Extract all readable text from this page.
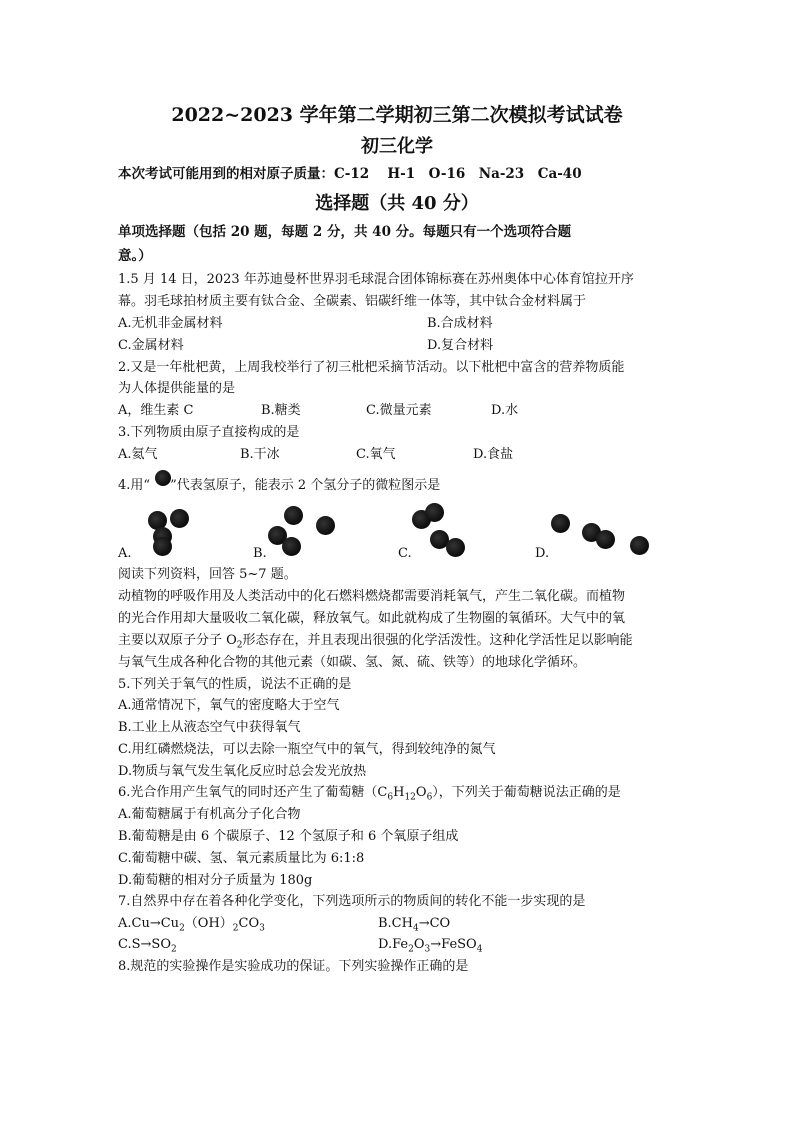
2022~2023 学年第二学期初三第二次模拟考试试卷
初三化学
本次考试可能用到的相对原子质量：C-12　 H-1　O-16　Na-23　Ca-40
选择题（共 40 分）
单项选择题（包括 20 题，每题 2 分，共 40 分。每题只有一个选项符合题
意。）
1.5 月 14 日，2023 年苏迪曼杯世界羽毛球混合团体锦标赛在苏州奥体中心体育馆拉开序
幕。羽毛球拍材质主要有钛合金、全碳素、铝碳纤维一体等，其中钛合金材料属于
A.无机非金属材料	B.合成材料
C.金属材料	D.复合材料
2.又是一年枇杷黄，上周我校举行了初三枇杷采摘节活动。以下枇杷中富含的营养物质能
为人体提供能量的是
A，维生素 C	B.糖类	C.微量元素	D.水
3.下列物质由原子直接构成的是
A.氦气	B.干冰	C.氧气	D.食盐
4.用“ ”代表氢原子，能表示 2 个氢分子的微粒图示是
A.	B.	C.	D.
阅读下列资料，回答 5~7 题。
动植物的呼吸作用及人类活动中的化石燃料燃烧都需要消耗氧气，产生二氧化碳。而植物
的光合作用却大量吸收二氧化碳，释放氧气。如此就构成了生物圈的氧循环。大气中的氧
主要以双原子分子 $O_2$形态存在，并且表现出很强的化学活泼性。这种化学活性足以影响能
与氧气生成各种化合物的其他元素（如碳、氢、氮、硫、铁等）的地球化学循环。
5.下列关于氧气的性质，说法不正确的是
A.通常情况下，氧气的密度略大于空气
B.工业上从液态空气中获得氧气
C.用红磷燃烧法，可以去除一瓶空气中的氧气，得到较纯净的氮气
D.物质与氧气发生氧化反应时总会发光放热
6.光合作用产生氧气的同时还产生了葡萄糖$(C_6H_{12}O_6)$，下列关于葡萄糖说法正确的是
A.葡萄糖属于有机高分子化合物
B.葡萄糖是由 6 个碳原子、12 个氢原子和 6 个氧原子组成
C.葡萄糖中碳、氢、氧元素质量比为 6:1:8
D.葡萄糖的相对分子质量为 180g
7.自然界中存在着各种化学变化，下列选项所示的物质间的转化不能一步实现的是
$A.Cu\to Cu_2(OH)_2CO_3$	$B.CH_4\to CO$
$C.S\to SO_2$	$D.Fe_2O_3\to FeSO_4$
8.规范的实验操作是实验成功的保证。下列实验操作正确的是
